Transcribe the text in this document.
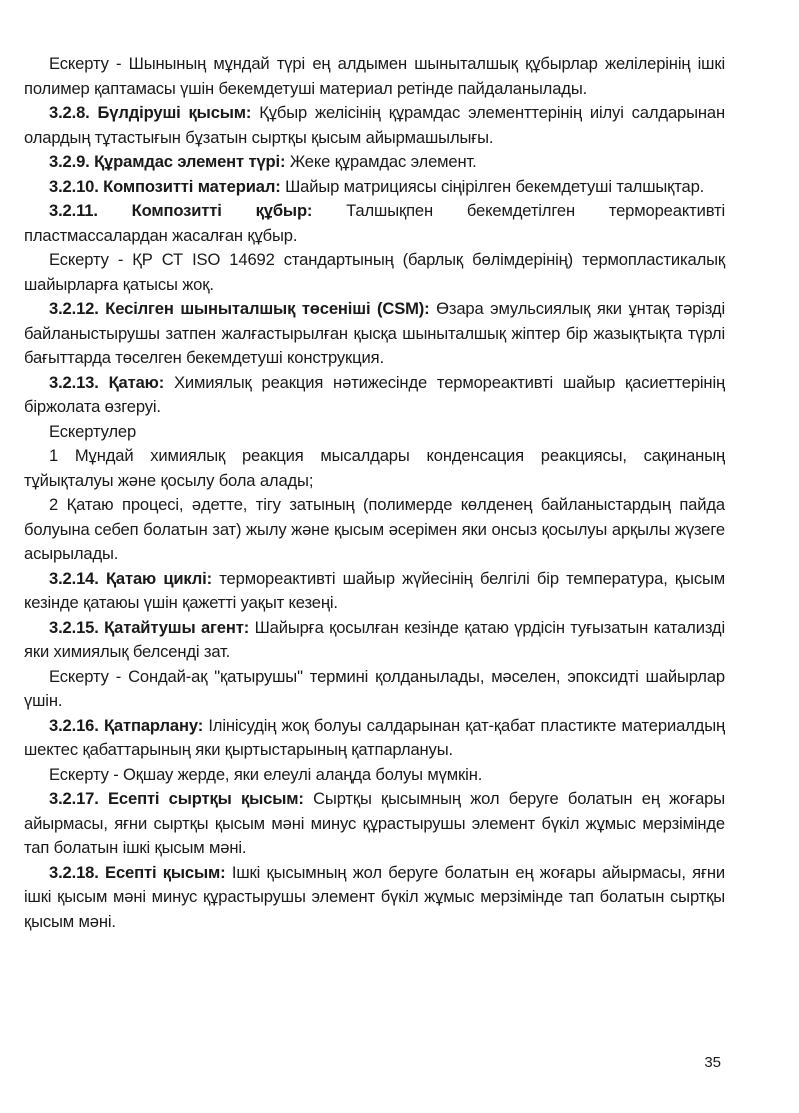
Ескерту - Шынының мұндай түрі ең алдымен шыныталшық құбырлар желілерінің ішкі полимер қаптамасы үшін бекемдетуші материал ретінде пайдаланылады.

3.2.8. Бүлдіруші қысым: Құбыр желісінің құрамдас элементтерінің иілуі салдарынан олардың тұтастығын бұзатын сыртқы қысым айырмашылығы.

3.2.9. Құрамдас элемент түрі: Жеке құрамдас элемент.

3.2.10. Композитті материал: Шайыр матрициясы сіңірілген бекемдетуші талшықтар.

3.2.11. Композитті құбыр: Талшықпен бекемдетілген термореактивті пластмассалардан жасалған құбыр.

Ескерту - ҚР СТ ISO 14692 стандартының (барлық бөлімдерінің) термопластикалық шайырларға қатысы жоқ.

3.2.12. Кесілген шыныталшық төсеніші (CSM): Өзара эмульсиялық яки ұнтақ тәрізді байланыстырушы затпен жалғастырылған қысқа шыныталшық жіптер бір жазықтықта түрлі бағыттарда төселген бекемдетуші конструкция.

3.2.13. Қатаю: Химиялық реакция нәтижесінде термореактивті шайыр қасиеттерінің біржолата өзгеруі.

Ескертулер

1 Мұндай химиялық реакция мысалдары конденсация реакциясы, сақинаның тұйықталуы және қосылу бола алады;

2 Қатаю процесі, әдетте, тігу затының (полимерде көлденең байланыстардың пайда болуына себеп болатын зат) жылу және қысым әсерімен яки онсыз қосылуы арқылы жүзеге асырылады.

3.2.14. Қатаю циклі: термореактивті шайыр жүйесінің белгілі бір температура, қысым кезінде қатаюы үшін қажетті уақыт кезеңі.

3.2.15. Қатайтушы агент: Шайырға қосылған кезінде қатаю үрдісін туғызатын катализді яки химиялық белсенді зат.

Ескерту - Сондай-ақ "қатырушы" термині қолданылады, мәселен, эпоксидті шайырлар үшін.

3.2.16. Қатпарлану: Ілінісудің жоқ болуы салдарынан қат-қабат пластикте материалдың шектес қабаттарының яки қыртыстарының қатпарлануы.

Ескерту - Оқшау жерде, яки елеулі алаңда болуы мүмкін.

3.2.17. Есепті сыртқы қысым: Сыртқы қысымның жол беруге болатын ең жоғары айырмасы, яғни сыртқы қысым мәні минус құрастырушы элемент бүкіл жұмыс мерзімінде тап болатын ішкі қысым мәні.

3.2.18. Есепті қысым: Ішкі қысымның жол беруге болатын ең жоғары айырмасы, яғни ішкі қысым мәні минус құрастырушы элемент бүкіл жұмыс мерзімінде тап болатын сыртқы қысым мәні.

35
